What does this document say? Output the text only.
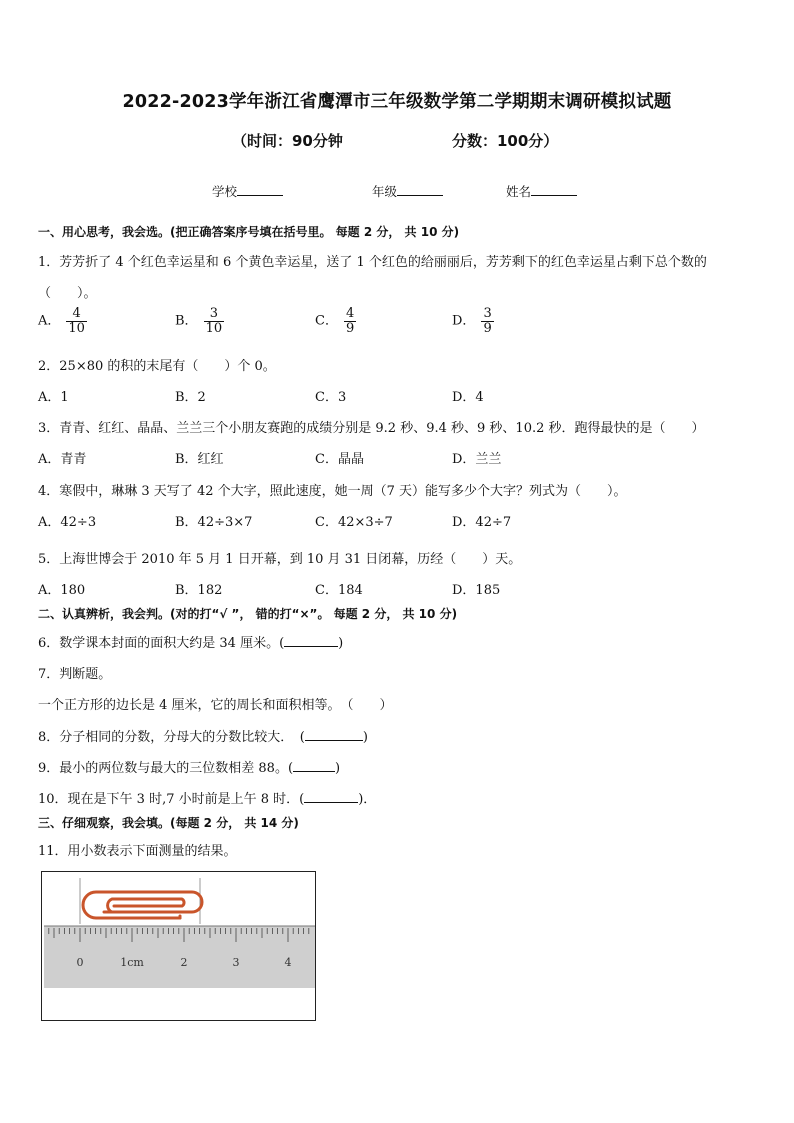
2022-2023学年浙江省鹰潭市三年级数学第二学期期末调研模拟试题
（时间：90分钟	分数：100分）
学校	年级	姓名
一、用心思考，我会选。(把正确答案序号填在括号里。 每题 2 分， 共 10 分)
1．芳芳折了 4 个红色幸运星和 6 个黄色幸运星，送了 1 个红色的给丽丽后，芳芳剩下的红色幸运星占剩下总个数的
（　　）。
A． $\frac{4}{10}$	B． $\frac{3}{10}$	C． $\frac{4}{9}$	D． $\frac{3}{9}$
2．25×80 的积的末尾有（　　）个 0。
A．1	B．2	C．3	D．4
3．青青、红红、晶晶、兰兰三个小朋友赛跑的成绩分别是 9.2 秒、9.4 秒、9 秒、10.2 秒．跑得最快的是（　　）
A．青青	B．红红	C．晶晶	D．兰兰
4．寒假中，琳琳 3 天写了 42 个大字，照此速度，她一周（7 天）能写多少个大字？列式为（　　）。
A．42÷3	B．42÷3×7	C．42×3÷7	D．42÷7
5．上海世博会于 2010 年 5 月 1 日开幕，到 10 月 31 日闭幕，历经（　　）天。
A．180	B．182	C．184	D．185
二、认真辨析，我会判。(对的打“√ ”， 错的打“×”。 每题 2 分， 共 10 分)
6．数学课本封面的面积大约是 34 厘米。(	)
7．判断题。
一个正方形的边长是 4 厘米，它的周长和面积相等。　（　　）
8．分子相同的分数，分母大的分数比较大．　(	)
9．最小的两位数与最大的三位数相差 88。(	)
10．现在是下午 3 时,7 小时前是上午 8 时．(	)．
三、仔细观察，我会填。(每题 2 分， 共 14 分)
11．用小数表示下面测量的结果。
0	1cm	2	3	4
